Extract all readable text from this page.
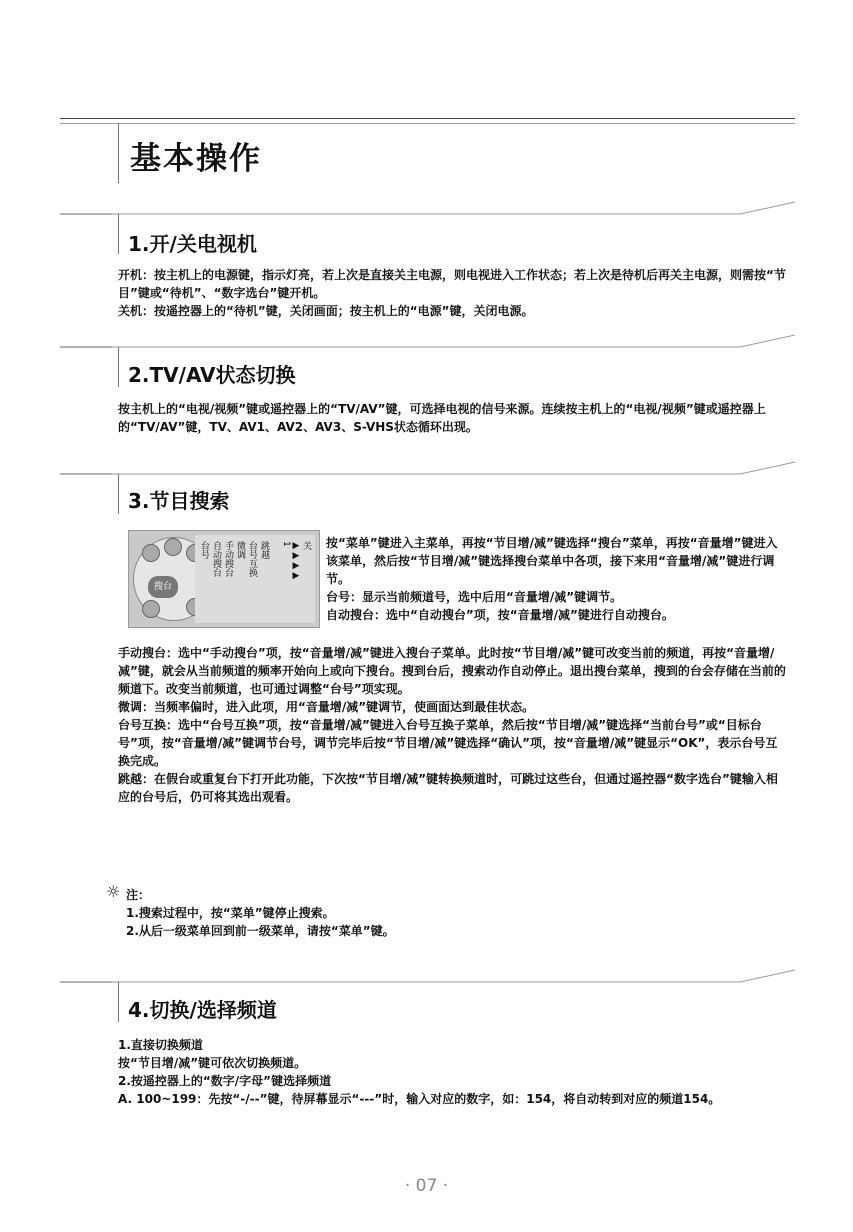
基本操作
1.开/关电视机

开机：按主机上的电源键，指示灯亮，若上次是直接关主电源，则电视进入工作状态；若上次是待机后再关主电源，则需按“节目”键或“待机”、“数字选台”键开机。

关机：按遥控器上的“待机”键，关闭画面；按主机上的“电源”键，关闭电源。

2.TV/AV状态切换

按主机上的“电视/视频”键或遥控器上的“TV/AV”键，可选择电视的信号来源。连续按主机上的“电视/视频”键或遥控器上的“TV/AV”键，TV、AV1、AV2、AV3、S-VHS状态循环出现。

3.节目搜索
搜台
台号 自动搜台 手动搜台 微调 台号互换 跳越 1 ▶▶▶▶ 关 按“菜单”键进入主菜单，再按“节目增/减”键选择“搜台”菜单，再按“音量增”键进入该菜单，然后按“节目增/减”键选择搜台菜单中各项，接下来用“音量增/减”键进行调节。

台号：显示当前频道号，选中后用“音量增/减”键调节。

自动搜台：选中“自动搜台”项，按“音量增/减”键进行自动搜台。

手动搜台：选中“手动搜台”项，按“音量增/减”键进入搜台子菜单。此时按“节目增/减”键可改变当前的频道，再按“音量增/减”键，就会从当前频道的频率开始向上或向下搜台。搜到台后，搜索动作自动停止。退出搜台菜单，搜到的台会存储在当前的频道下。改变当前频道，也可通过调整“台号”项实现。

微调：当频率偏时，进入此项，用“音量增/减”键调节，使画面达到最佳状态。

台号互换：选中“台号互换”项，按“音量增/减”键进入台号互换子菜单，然后按“节目增/减”键选择“当前台号”或“目标台号”项，按“音量增/减”键调节台号，调节完毕后按“节目增/减”键选择“确认”项，按“音量增/减”键显示“OK”，表示台号互换完成。

跳越：在假台或重复台下打开此功能，下次按“节目增/减”键转换频道时，可跳过这些台，但通过遥控器“数字选台”键输入相应的台号后，仍可将其选出观看。

☼ 注：

1.搜索过程中，按“菜单”键停止搜索。

2.从后一级菜单回到前一级菜单，请按“菜单”键。

4.切换/选择频道

1.直接切换频道

按“节目增/减”键可依次切换频道。

2.按遥控器上的“数字/字母”键选择频道

A. 100~199：先按“-/--”键，待屏幕显示“---”时，输入对应的数字，如：154，将自动转到对应的频道154。

· 07 ·
